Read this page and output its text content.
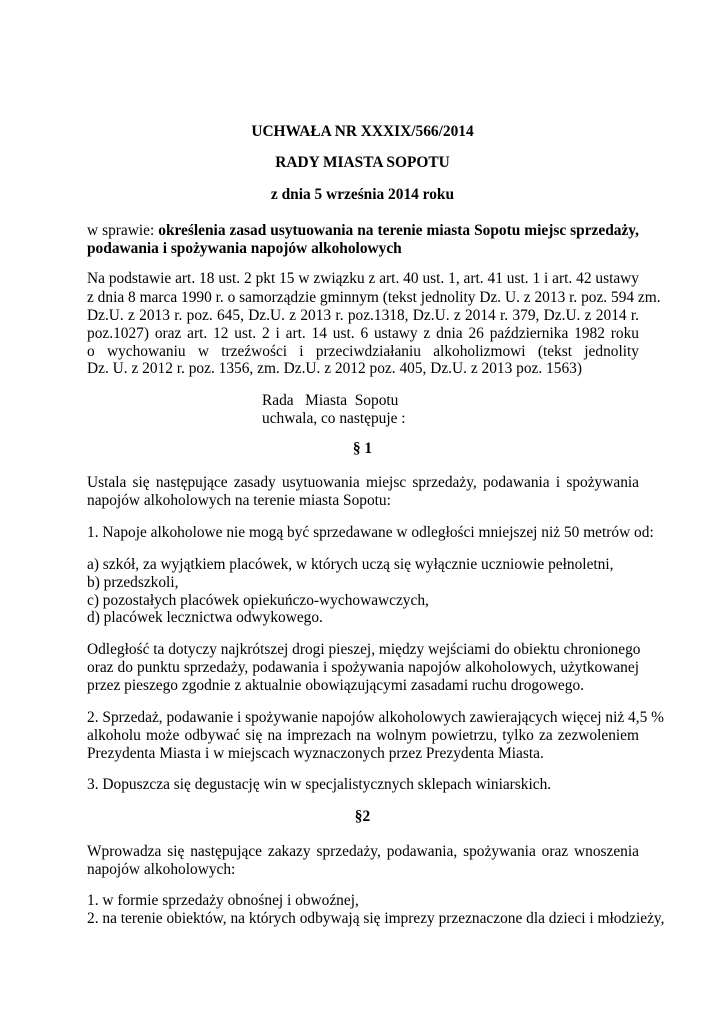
UCHWAŁA NR XXXIX/566/2014
RADY MIASTA SOPOTU
z dnia 5 września 2014 roku
w sprawie: określenia zasad usytuowania na terenie miasta Sopotu miejsc sprzedaży,
podawania i spożywania napojów alkoholowych
Na podstawie art. 18 ust. 2 pkt 15 w związku z art. 40 ust. 1, art. 41 ust. 1 i art. 42 ustawy
z dnia 8 marca 1990 r. o samorządzie gminnym (tekst jednolity Dz. U. z 2013 r. poz. 594 zm.
Dz.U. z 2013 r. poz. 645, Dz.U. z 2013 r. poz.1318, Dz.U. z 2014 r. 379, Dz.U. z 2014 r.
poz.1027) oraz art. 12 ust. 2 i art. 14 ust. 6 ustawy z dnia 26 października 1982 roku
o wychowaniu w trzeźwości i przeciwdziałaniu alkoholizmowi (tekst jednolity
Dz. U. z 2012 r. poz. 1356, zm. Dz.U. z 2012 poz. 405, Dz.U. z 2013 poz. 1563)
Rada   Miasta  Sopotu
uchwala, co następuje :
§ 1
Ustala się następujące zasady usytuowania miejsc sprzedaży, podawania i spożywania
napojów alkoholowych na terenie miasta Sopotu:
1. Napoje alkoholowe nie mogą być sprzedawane w odległości mniejszej niż 50 metrów od:
a) szkół, za wyjątkiem placówek, w których uczą się wyłącznie uczniowie pełnoletni,
b) przedszkoli,
c) pozostałych placówek opiekuńczo-wychowawczych,
d) placówek lecznictwa odwykowego.
Odległość ta dotyczy najkrótszej drogi pieszej, między wejściami do obiektu chronionego
oraz do punktu sprzedaży, podawania i spożywania napojów alkoholowych, użytkowanej
przez pieszego zgodnie z aktualnie obowiązującymi zasadami ruchu drogowego.
2. Sprzedaż, podawanie i spożywanie napojów alkoholowych zawierających więcej niż 4,5 %
alkoholu może odbywać się na imprezach na wolnym powietrzu, tylko za zezwoleniem
Prezydenta Miasta i w miejscach wyznaczonych przez Prezydenta Miasta.
3. Dopuszcza się degustację win w specjalistycznych sklepach winiarskich.
§2
Wprowadza się następujące zakazy sprzedaży, podawania, spożywania oraz wnoszenia
napojów alkoholowych:
1. w formie sprzedaży obnośnej i obwoźnej,
2. na terenie obiektów, na których odbywają się imprezy przeznaczone dla dzieci i młodzieży,
